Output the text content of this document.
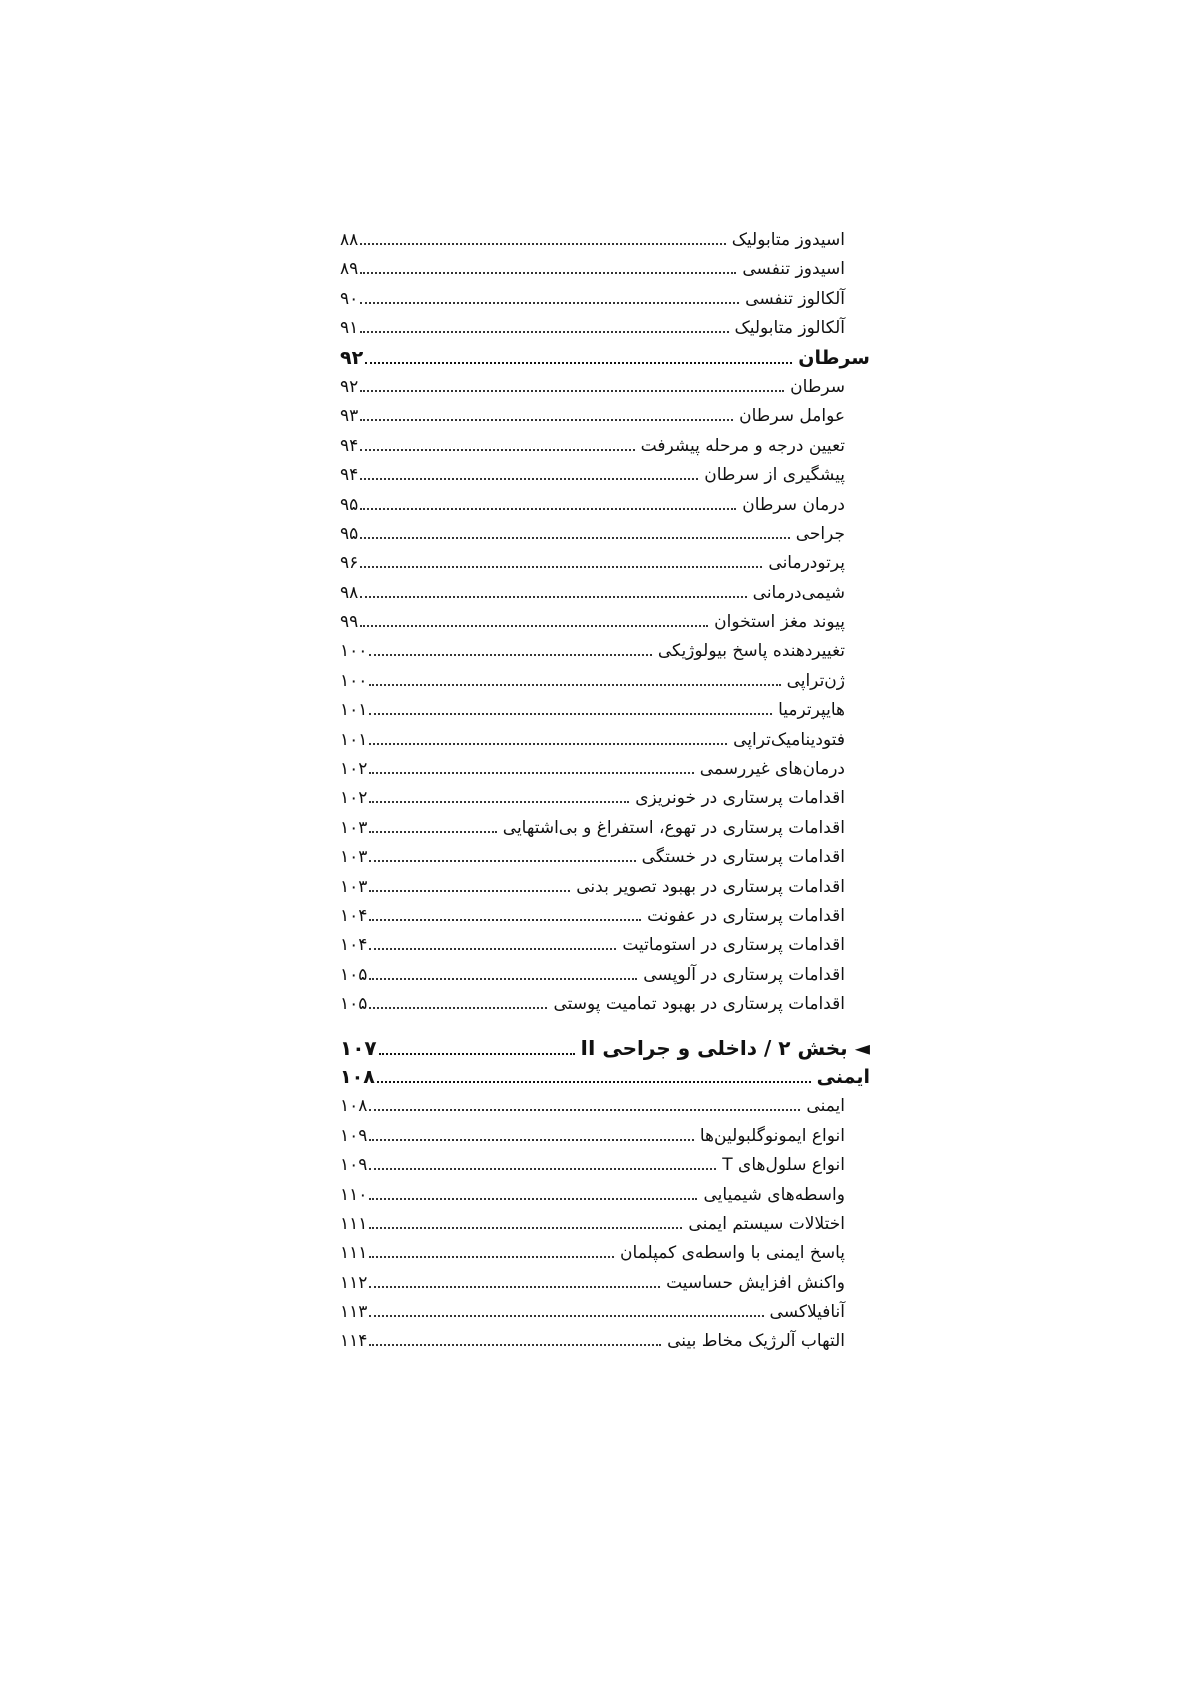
اسیدوز متابولیک
۸۸
اسیدوز تنفسی
۸۹
آلکالوز تنفسی
۹۰
آلکالوز متابولیک
۹۱
سرطان
۹۲
سرطان
۹۲
عوامل سرطان
۹۳
تعیین درجه و مرحله پیشرفت
۹۴
پیشگیری از سرطان
۹۴
درمان سرطان
۹۵
جراحی
۹۵
پرتودرمانی
۹۶
شیمی‌درمانی
۹۸
پیوند مغز استخوان
۹۹
تغییردهنده پاسخ بیولوژیکی
۱۰۰
ژن‌تراپی
۱۰۰
هایپرترمیا
۱۰۱
فتودینامیک‌تراپی
۱۰۱
درمان‌های غیررسمی
۱۰۲
اقدامات پرستاری در خونریزی
۱۰۲
اقدامات پرستاری در تهوع، استفراغ و بی‌اشتهایی
۱۰۳
اقدامات پرستاری در خستگی
۱۰۳
اقدامات پرستاری در بهبود تصویر بدنی
۱۰۳
اقدامات پرستاری در عفونت
۱۰۴
اقدامات پرستاری در استوماتیت
۱۰۴
اقدامات پرستاری در آلوپسی
۱۰۵
اقدامات پرستاری در بهبود تمامیت پوستی
۱۰۵
◄ بخش ۲ / داخلی و جراحی II
۱۰۷
ایمنی
۱۰۸
ایمنی
۱۰۸
انواع ایمونوگلبولین‌ها
۱۰۹
انواع سلول‌های T
۱۰۹
واسطه‌های شیمیایی
۱۱۰
اختلالات سیستم ایمنی
۱۱۱
پاسخ ایمنی با واسطه‌ی کمپلمان
۱۱۱
واکنش افزایش حساسیت
۱۱۲
آنافیلاکسی
۱۱۳
التهاب آلرژیک مخاط بینی
۱۱۴
